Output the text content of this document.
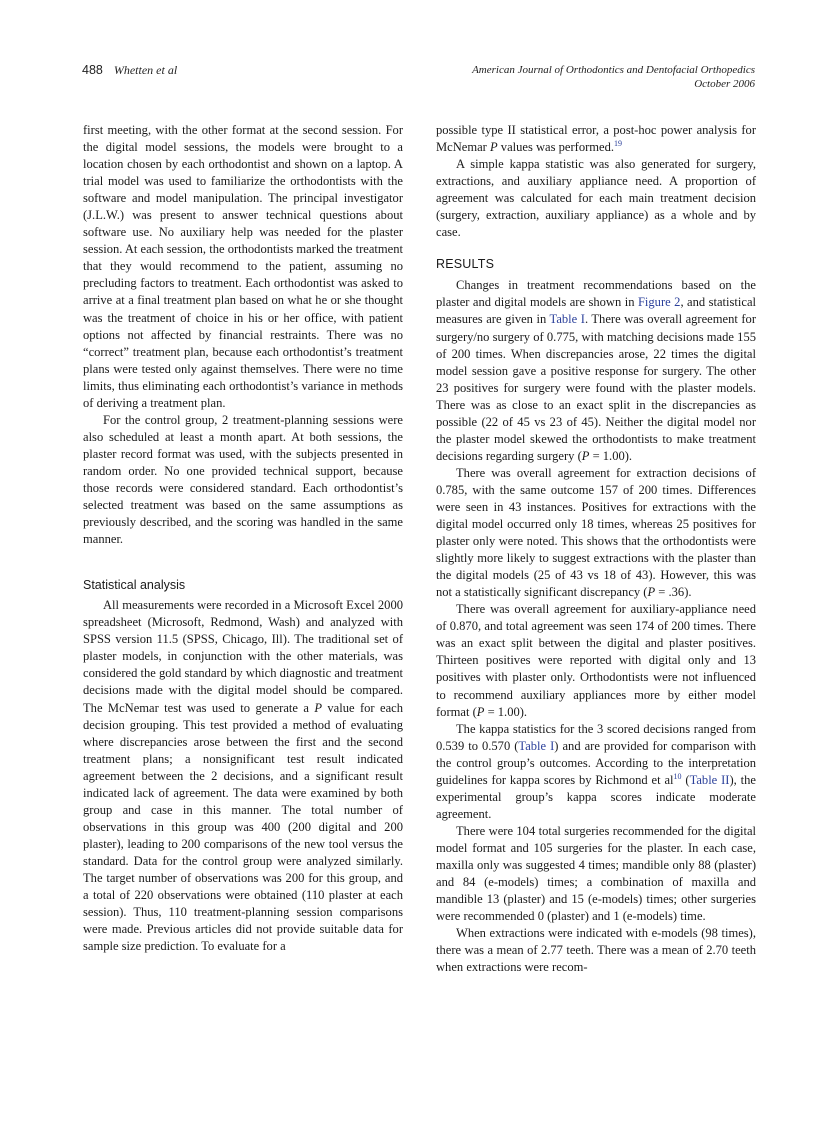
488 Whetten et al	American Journal of Orthodontics and Dentofacial Orthopedics
October 2006

first meeting, with the other format at the second session. For the digital model sessions, the models were brought to a location chosen by each orthodontist and shown on a laptop. A trial model was used to familiarize the orthodontists with the software and model manipulation. The principal investigator (J.L.W.) was present to answer technical questions about software use. No auxiliary help was needed for the plaster session. At each session, the orthodontists marked the treatment that they would recommend to the patient, assuming no precluding factors to treatment. Each orthodontist was asked to arrive at a final treatment plan based on what he or she thought was the treatment of choice in his or her office, with patient options not affected by financial restraints. There was no “correct” treatment plan, because each orthodontist’s treatment plans were tested only against themselves. There were no time limits, thus eliminating each orthodontist’s variance in methods of deriving a treatment plan.

For the control group, 2 treatment-planning sessions were also scheduled at least a month apart. At both sessions, the plaster record format was used, with the subjects presented in random order. No one provided technical support, because those records were considered standard. Each orthodontist’s selected treatment was based on the same assumptions as previously described, and the scoring was handled in the same manner.

Statistical analysis

All measurements were recorded in a Microsoft Excel 2000 spreadsheet (Microsoft, Redmond, Wash) and analyzed with SPSS version 11.5 (SPSS, Chicago, Ill). The traditional set of plaster models, in conjunction with the other materials, was considered the gold standard by which diagnostic and treatment decisions made with the digital model should be compared. The McNemar test was used to generate a P value for each decision grouping. This test provided a method of evaluating where discrepancies arose between the first and the second treatment plans; a nonsignificant test result indicated agreement between the 2 decisions, and a significant result indicated lack of agreement. The data were examined by both group and case in this manner. The total number of observations in this group was 400 (200 digital and 200 plaster), leading to 200 comparisons of the new tool versus the standard. Data for the control group were analyzed similarly. The target number of observations was 200 for this group, and a total of 220 observations were obtained (110 plaster at each session). Thus, 110 treatment-planning session comparisons were made. Previous articles did not provide suitable data for sample size prediction. To evaluate for a

possible type II statistical error, a post-hoc power analysis for McNemar P values was performed.$^{19}$

A simple kappa statistic was also generated for surgery, extractions, and auxiliary appliance need. A proportion of agreement was calculated for each main treatment decision (surgery, extraction, auxiliary appliance) as a whole and by case.

RESULTS

Changes in treatment recommendations based on the plaster and digital models are shown in Figure 2, and statistical measures are given in Table I. There was overall agreement for surgery/no surgery of 0.775, with matching decisions made 155 of 200 times. When discrepancies arose, 22 times the digital model session gave a positive response for surgery. The other 23 positives for surgery were found with the plaster models. There was as close to an exact split in the discrepancies as possible (22 of 45 vs 23 of 45). Neither the digital model nor the plaster model skewed the orthodontists to make treatment decisions regarding surgery (P = 1.00).

There was overall agreement for extraction decisions of 0.785, with the same outcome 157 of 200 times. Differences were seen in 43 instances. Positives for extractions with the digital model occurred only 18 times, whereas 25 positives for plaster only were noted. This shows that the orthodontists were slightly more likely to suggest extractions with the plaster than the digital models (25 of 43 vs 18 of 43). However, this was not a statistically significant discrepancy (P = .36).

There was overall agreement for auxiliary-appliance need of 0.870, and total agreement was seen 174 of 200 times. There was an exact split between the digital and plaster positives. Thirteen positives were reported with digital only and 13 positives with plaster only. Orthodontists were not influenced to recommend auxiliary appliances more by either model format (P = 1.00).

The kappa statistics for the 3 scored decisions ranged from 0.539 to 0.570 (Table I) and are provided for comparison with the control group’s outcomes. According to the interpretation guidelines for kappa scores by Richmond et $al^{10}$ (Table II), the experimental group’s kappa scores indicate moderate agreement.

There were 104 total surgeries recommended for the digital model format and 105 surgeries for the plaster. In each case, maxilla only was suggested 4 times; mandible only 88 (plaster) and 84 (e-models) times; a combination of maxilla and mandible 13 (plaster) and 15 (e-models) times; other surgeries were recommended 0 (plaster) and 1 (e-models) time.

When extractions were indicated with e-models (98 times), there was a mean of 2.77 teeth. There was a mean of 2.70 teeth when extractions were recom-
